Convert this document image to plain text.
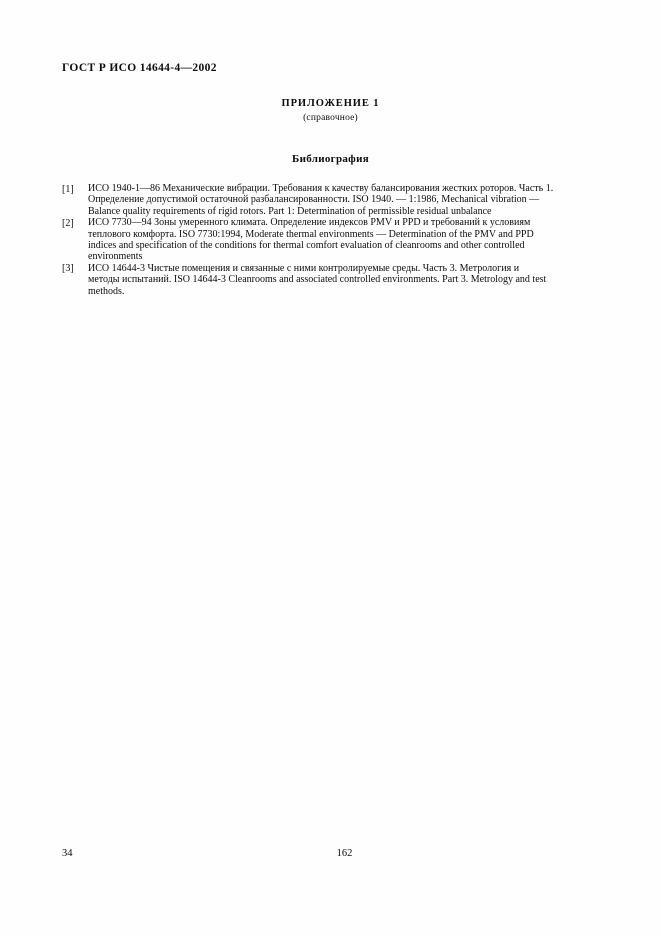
ГОСТ Р ИСО 14644-4—2002
ПРИЛОЖЕНИЕ 1
(справочное)
Библиография
[1]	ИСО 1940-1—86 Механические вибрации. Требования к качеству балансирования жестких роторов. Часть 1.
Определение допустимой остаточной разбалансированности. ISO 1940. — 1:1986, Mechanical vibration —
Balance quality requirements of rigid rotors. Part 1: Determination of permissible residual unbalance
[2]	ИСО 7730—94 Зоны умеренного климата. Определение индексов PMV и PPD и требований к условиям
теплового комфорта. ISO 7730:1994, Moderate thermal environments — Determination of the PMV and PPD
indices and specification of the conditions for thermal comfort evaluation of cleanrooms and other controlled
environments
[3]	ИСО 14644-3 Чистые помещения и связанные с ними контролируемые среды. Часть 3. Метрология и
методы испытаний. ISO 14644-3 Cleanrooms and associated controlled environments. Part 3. Metrology and test
methods.
34	162
